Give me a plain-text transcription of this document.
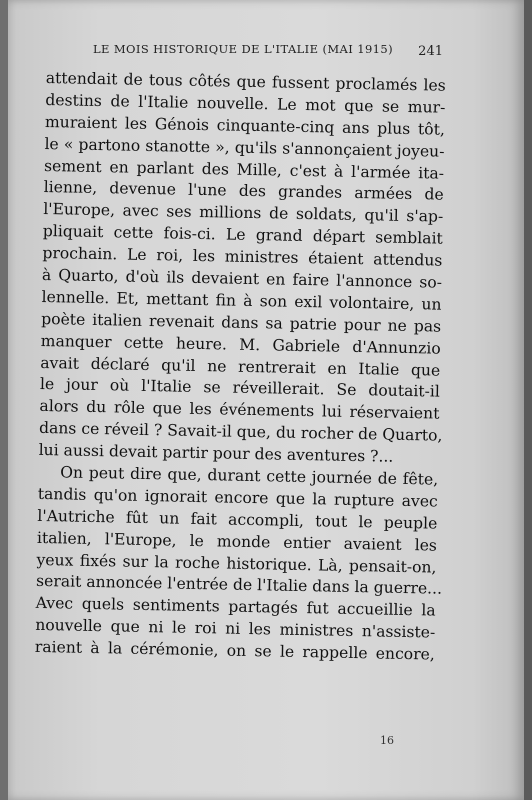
LE MOIS HISTORIQUE DE L'ITALIE (MAI 1915) 241
attendait de tous côtés que fussent proclamés les
destins de l'Italie nouvelle. Le mot que se mur-
muraient les Génois cinquante-cinq ans plus tôt,
le « partono stanotte », qu'ils s'annonçaient joyeu-
sement en parlant des Mille, c'est à l'armée ita-
lienne, devenue l'une des grandes armées de
l'Europe, avec ses millions de soldats, qu'il s'ap-
pliquait cette fois-ci. Le grand départ semblait
prochain. Le roi, les ministres étaient attendus
à Quarto, d'où ils devaient en faire l'annonce so-
lennelle. Et, mettant fin à son exil volontaire, un
poète italien revenait dans sa patrie pour ne pas
manquer cette heure. M. Gabriele d'Annunzio
avait déclaré qu'il ne rentrerait en Italie que
le jour où l'Italie se réveillerait. Se doutait-il
alors du rôle que les événements lui réservaient
dans ce réveil ? Savait-il que, du rocher de Quarto,
lui aussi devait partir pour des aventures ?...
On peut dire que, durant cette journée de fête,
tandis qu'on ignorait encore que la rupture avec
l'Autriche fût un fait accompli, tout le peuple
italien, l'Europe, le monde entier avaient les
yeux fixés sur la roche historique. Là, pensait-on,
serait annoncée l'entrée de l'Italie dans la guerre...
Avec quels sentiments partagés fut accueillie la
nouvelle que ni le roi ni les ministres n'assiste-
raient à la cérémonie, on se le rappelle encore,
16
